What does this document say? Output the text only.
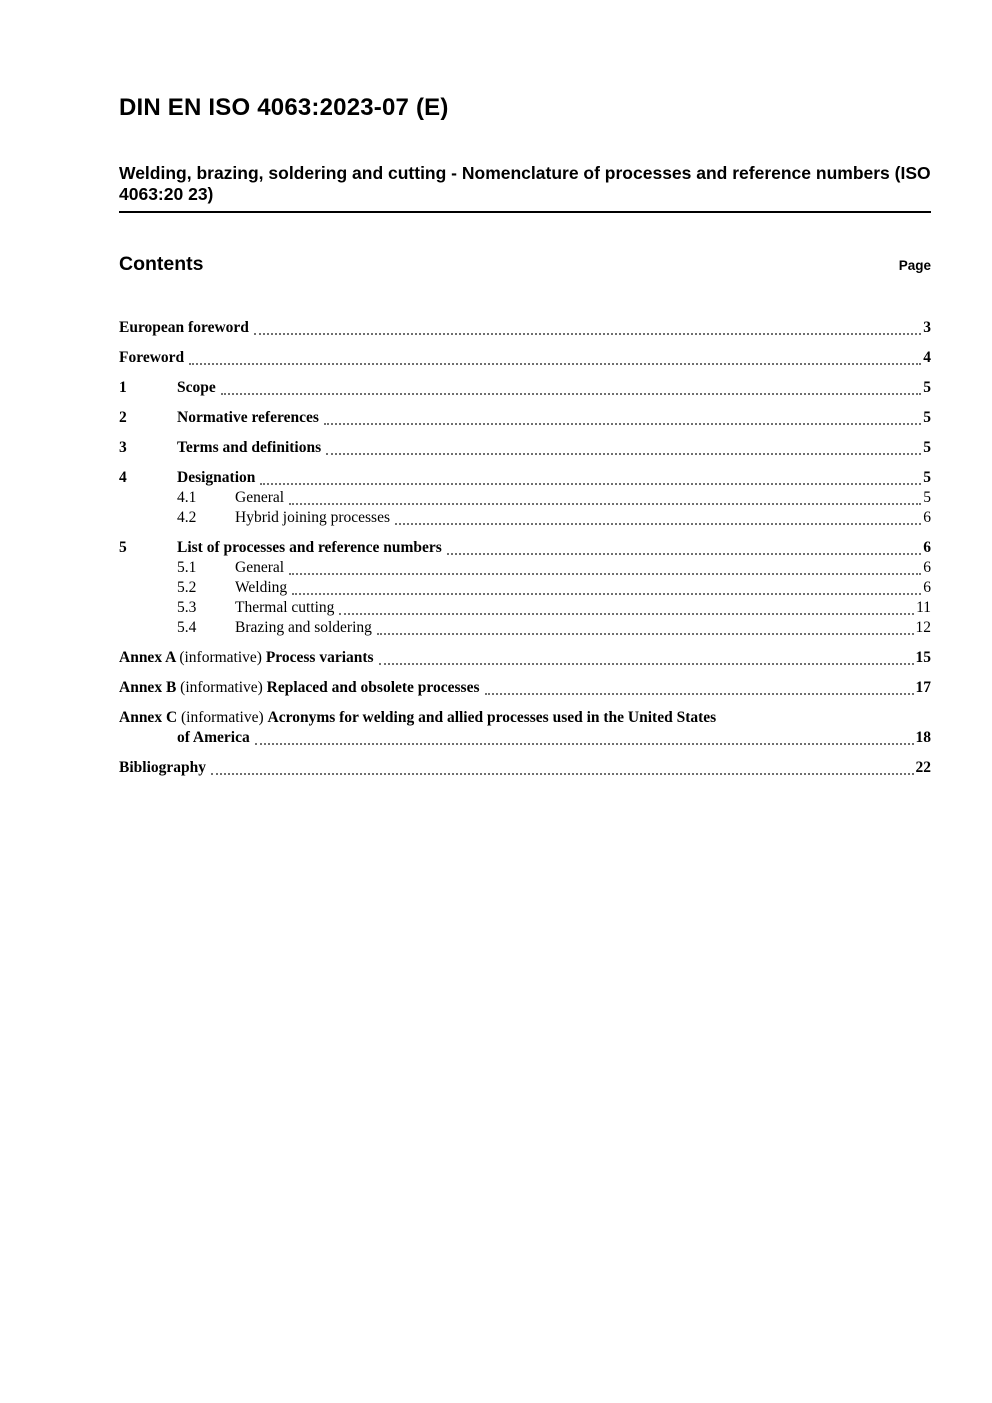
DIN EN ISO 4063:2023-07 (E)
Welding, brazing, soldering and cutting - Nomenclature of processes and reference numbers (ISO 4063:20 23)
Contents	Page
European foreword	3
Foreword	4
1	Scope	5
2	Normative references	5
3	Terms and definitions	5
4	Designation	5
4.1	General	5
4.2	Hybrid joining processes	6
5	List of processes and reference numbers	6
5.1	General	6
5.2	Welding	6
5.3	Thermal cutting	11
5.4	Brazing and soldering	12
Annex A (informative) Process variants	15
Annex B (informative) Replaced and obsolete processes	17
Annex C (informative) Acronyms for welding and allied processes used in the United States
of America	18
Bibliography	22
